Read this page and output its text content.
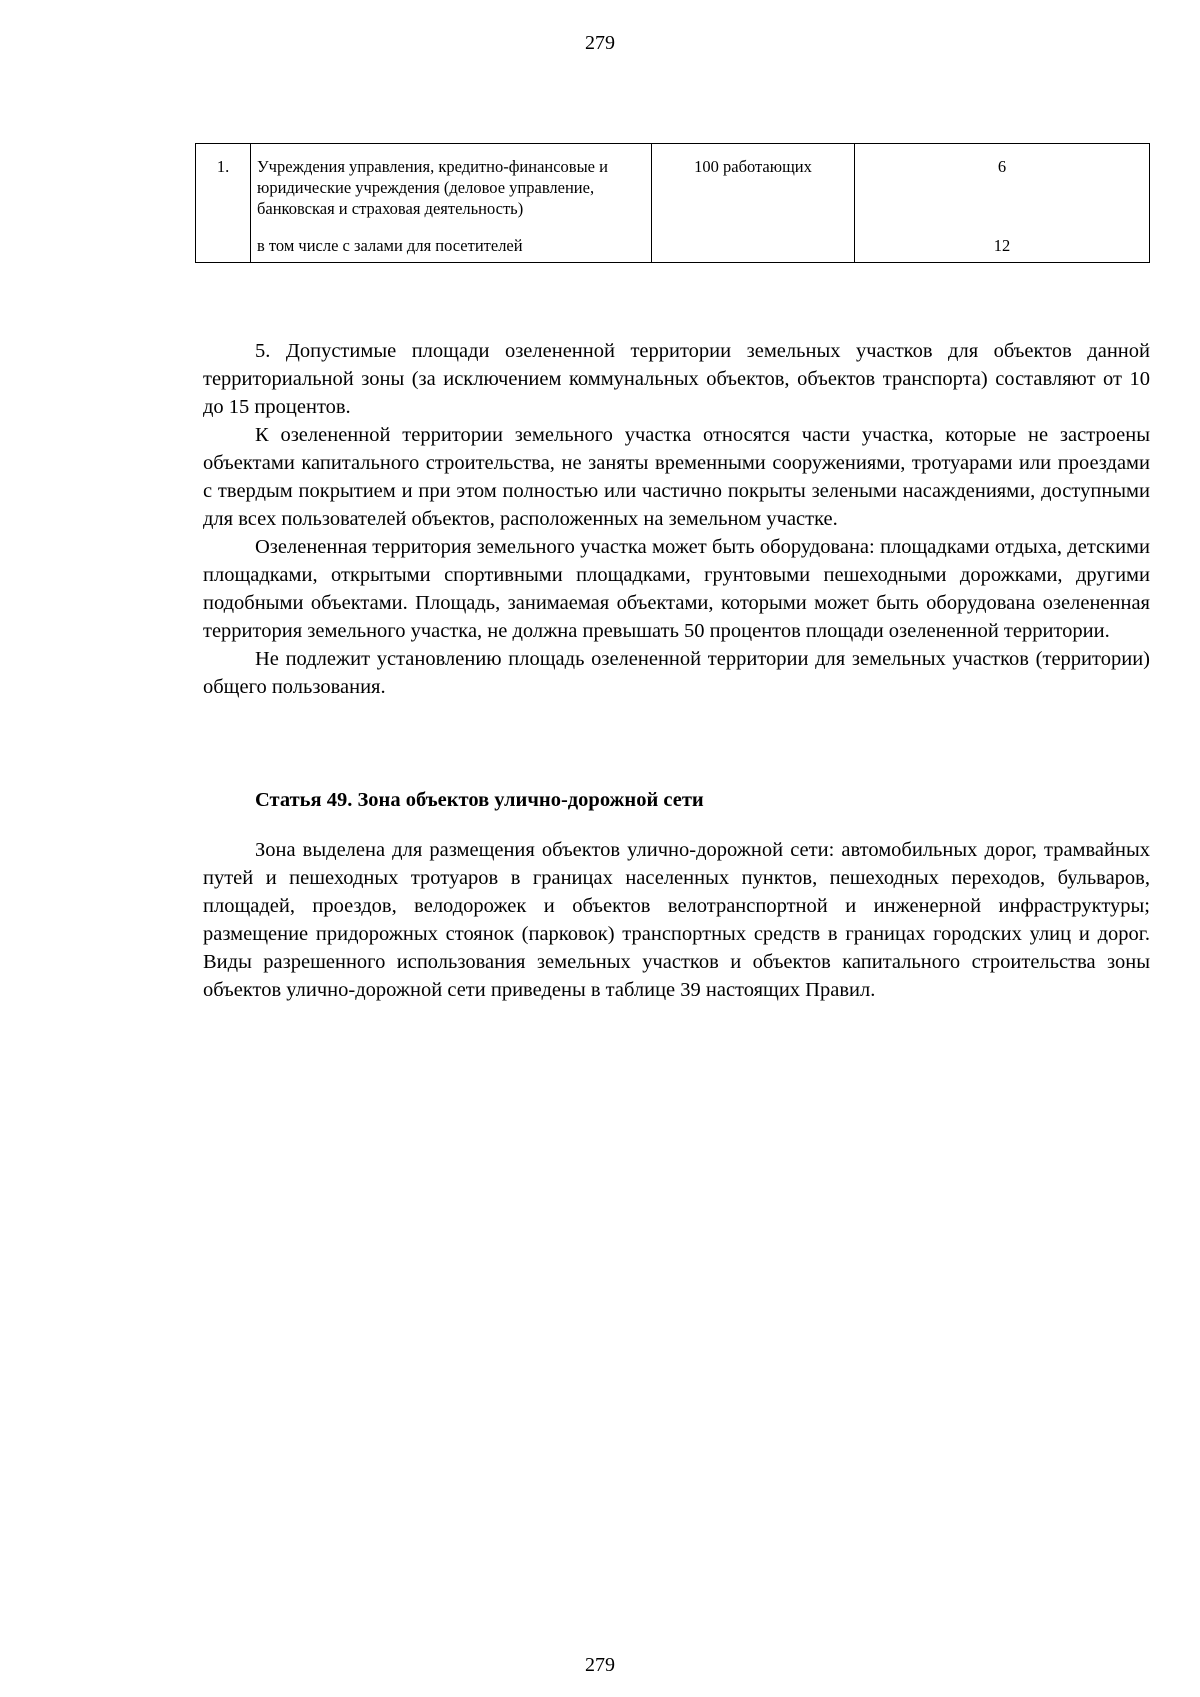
279
1.	Учреждения управления, кредитно-финансовые и юридические учреждения (деловое управление, банковская и страховая деятельность)	100 работающих	6
	в том числе с залами для посетителей		12

5. Допустимые площади озелененной территории земельных участков для объектов данной территориальной зоны (за исключением коммунальных объектов, объектов транспорта) составляют от 10 до 15 процентов.

К озелененной территории земельного участка относятся части участка, которые не застроены объектами капитального строительства, не заняты временными сооружениями, тротуарами или проездами с твердым покрытием и при этом полностью или частично покрыты зелеными насаждениями, доступными для всех пользователей объектов, расположенных на земельном участке.

Озелененная территория земельного участка может быть оборудована: площадками отдыха, детскими площадками, открытыми спортивными площадками, грунтовыми пешеходными дорожками, другими подобными объектами. Площадь, занимаемая объектами, которыми может быть оборудована озелененная территория земельного участка, не должна превышать 50 процентов площади озелененной территории.

Не подлежит установлению площадь озелененной территории для земельных участков (территории) общего пользования.

Статья 49. Зона объектов улично-дорожной сети

Зона выделена для размещения объектов улично-дорожной сети: автомобильных дорог, трамвайных путей и пешеходных тротуаров в границах населенных пунктов, пешеходных переходов, бульваров, площадей, проездов, велодорожек и объектов велотранспортной и инженерной инфраструктуры; размещение придорожных стоянок (парковок) транспортных средств в границах городских улиц и дорог. Виды разрешенного использования земельных участков и объектов капитального строительства зоны объектов улично-дорожной сети приведены в таблице 39 настоящих Правил.

279
